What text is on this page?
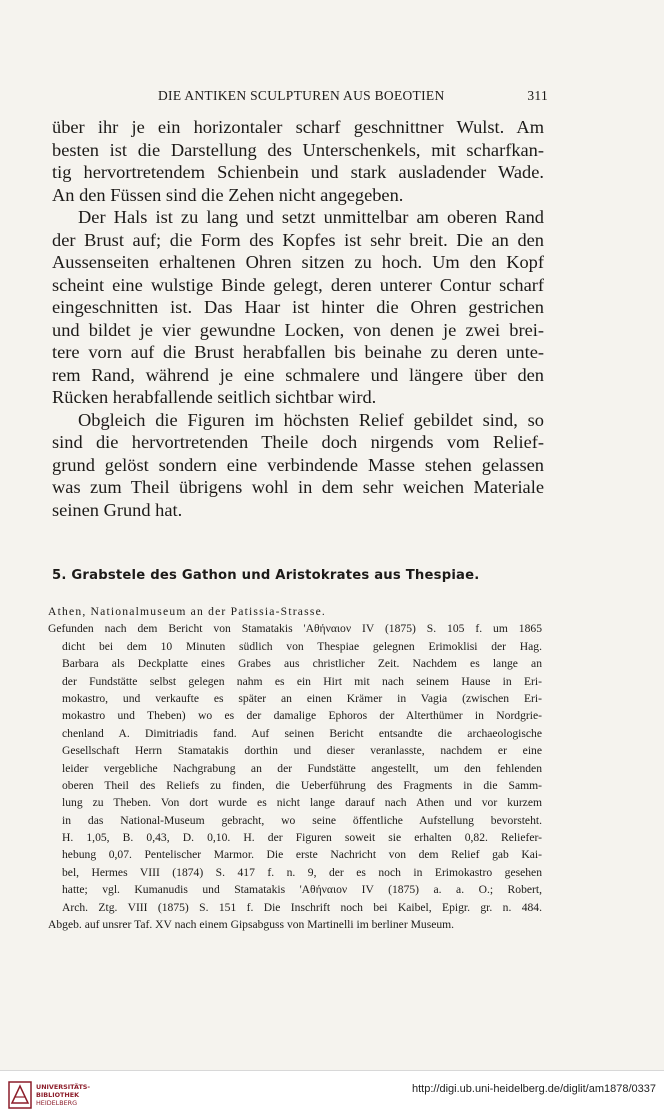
DIE ANTIKEN SCULPTUREN AUS BOEOTIEN	311
über ihr je ein horizontaler scharf geschnittner Wulst. Am
besten ist die Darstellung des Unterschenkels, mit scharfkan-
tig hervortretendem Schienbein und stark ausladender Wade.
An den Füssen sind die Zehen nicht angegeben.
Der Hals ist zu lang und setzt unmittelbar am oberen Rand
der Brust auf; die Form des Kopfes ist sehr breit. Die an den
Aussenseiten erhaltenen Ohren sitzen zu hoch. Um den Kopf
scheint eine wulstige Binde gelegt, deren unterer Contur scharf
eingeschnitten ist. Das Haar ist hinter die Ohren gestrichen
und bildet je vier gewundne Locken, von denen je zwei brei-
tere vorn auf die Brust herabfallen bis beinahe zu deren unte-
rem Rand, während je eine schmalere und längere über den
Rücken herabfallende seitlich sichtbar wird.
Obgleich die Figuren im höchsten Relief gebildet sind, so
sind die hervortretenden Theile doch nirgends vom Relief-
grund gelöst sondern eine verbindende Masse stehen gelassen
was zum Theil übrigens wohl in dem sehr weichen Materiale
seinen Grund hat.
5. Grabstele des Gathon und Aristokrates aus Thespiae.
Athen, Nationalmuseum an der Patissia-Strasse.
Gefunden nach dem Bericht von Stamatakis 'Αθήναιον IV (1875) S. 105 f. um 1865
dicht bei dem 10 Minuten südlich von Thespiae gelegnen Erimoklisi der Hag.
Barbara als Deckplatte eines Grabes aus christlicher Zeit. Nachdem es lange an
der Fundstätte selbst gelegen nahm es ein Hirt mit nach seinem Hause in Eri-
mokastro, und verkaufte es später an einen Krämer in Vagia (zwischen Eri-
mokastro und Theben) wo es der damalige Ephoros der Alterthümer in Nordgrie-
chenland A. Dimitriadis fand. Auf seinen Bericht entsandte die archaeologische
Gesellschaft Herrn Stamatakis dorthin und dieser veranlasste, nachdem er eine
leider vergebliche Nachgrabung an der Fundstätte angestellt, um den fehlenden
oberen Theil des Reliefs zu finden, die Ueberführung des Fragments in die Samm-
lung zu Theben. Von dort wurde es nicht lange darauf nach Athen und vor kurzem
in das National-Museum gebracht, wo seine öffentliche Aufstellung bevorsteht.
H. 1,05, B. 0,43, D. 0,10. H. der Figuren soweit sie erhalten 0,82. Reliefer-
hebung 0,07. Pentelischer Marmor. Die erste Nachricht von dem Relief gab Kai-
bel, Hermes VIII (1874) S. 417 f. n. 9, der es noch in Erimokastro gesehen
hatte; vgl. Kumanudis und Stamatakis 'Αθήναιον IV (1875) a. a. O.; Robert,
Arch. Ztg. VIII (1875) S. 151 f. Die Inschrift noch bei Kaibel, Epigr. gr. n. 484.
Abgeb. auf unsrer Taf. XV nach einem Gipsabguss von Martinelli im berliner Museum.
UNIVERSITÄTS-
BIBLIOTHEK
HEIDELBERG
http://digi.ub.uni-heidelberg.de/diglit/am1878/0337
